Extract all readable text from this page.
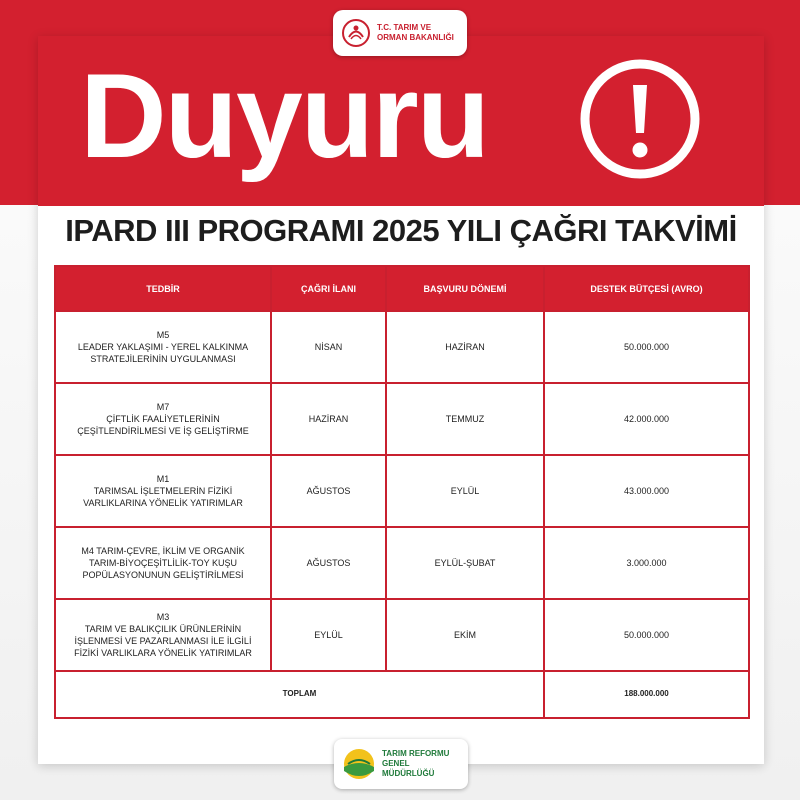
T.C. TARIM VE
ORMAN BAKANLIĞI
Duyuru
IPARD III PROGRAMI 2025 YILI ÇAĞRI TAKVİMİ
TEDBİR	ÇAĞRI İLANI	BAŞVURU DÖNEMİ	DESTEK BÜTÇESİ (AVRO)

M5
LEADER YAKLAŞIMI - YEREL KALKINMA
STRATEJİLERİNİN UYGULANMASI	NİSAN	HAZİRAN	50.000.000

M7
ÇİFTLİK FAALİYETLERİNİN
ÇEŞİTLENDİRİLMESİ VE İŞ GELİŞTİRME	HAZİRAN	TEMMUZ	42.000.000

M1
TARIMSAL İŞLETMELERİN FİZİKİ
VARLIKLARINA YÖNELİK YATIRIMLAR	AĞUSTOS	EYLÜL	43.000.000

M4 TARIM-ÇEVRE, İKLİM VE ORGANİK
TARIM-BİYOÇEŞİTLİLİK-TOY KUŞU
POPÜLASYONUNUN GELİŞTİRİLMESİ	AĞUSTOS	EYLÜL-ŞUBAT	3.000.000

M3
TARIM VE BALIKÇILIK ÜRÜNLERİNİN
İŞLENMESİ VE PAZARLANMASI İLE İLGİLİ
FİZİKİ VARLIKLARA YÖNELİK YATIRIMLAR	EYLÜL	EKİM	50.000.000
TOPLAM			188.000.000
TARIM REFORMU
GENEL MÜDÜRLÜĞÜ
